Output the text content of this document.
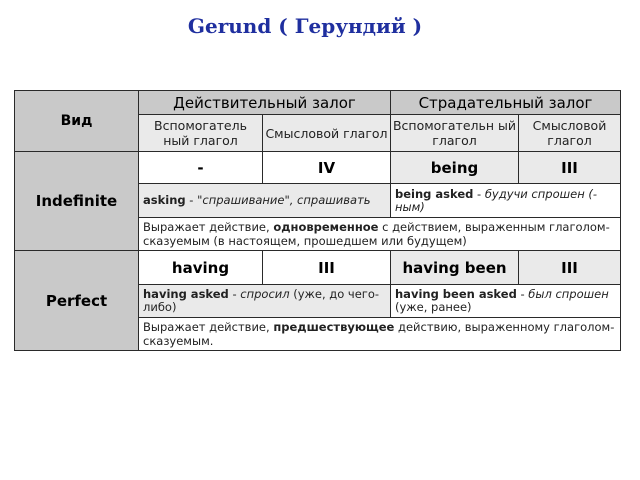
Gerund ( Герундий )
Вид	Действительный залог		Страдательный залог	
	Вспомогатель ный глагол	Смысловой глагол	Вспомогательн ый глагол	Смысловой глагол
Indefinite	-	IV	being	III
	asking - "спрашивание", спрашивать		being asked - будучи спрошен (-ным)	
	Выражает действие, одновременное с действием, выраженным глаголом-сказуемым (в настоящем, прошедшем или будущем)			
Perfect	having	III	having been	III
	having asked - спросил (уже, до чего-либо)		having been asked - был спрошен (уже, ранее)	
	Выражает действие, предшествующее действию, выраженному глаголом-сказуемым.			
